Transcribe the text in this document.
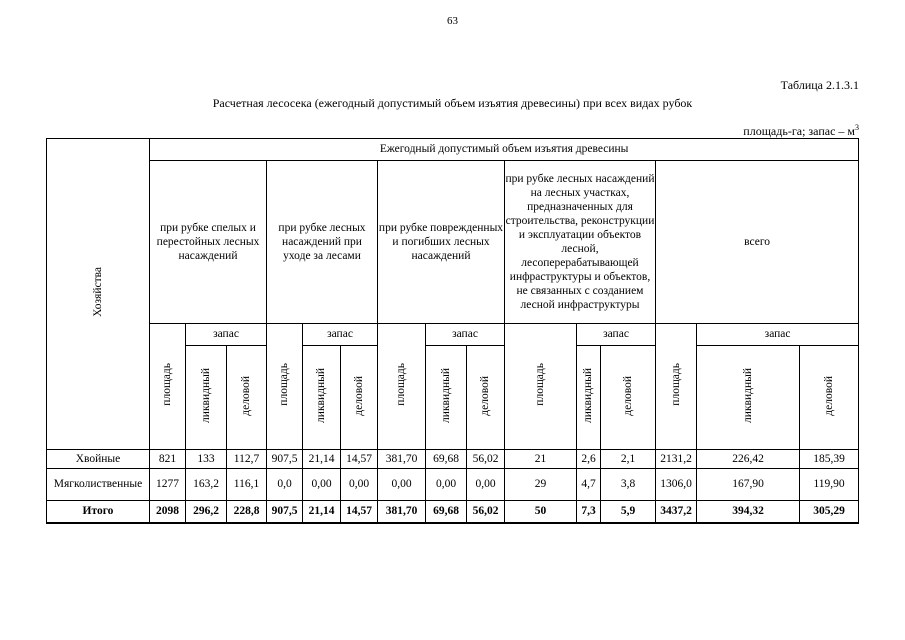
63
Таблица 2.1.3.1
Расчетная лесосека (ежегодный допустимый объем изъятия древесины) при всех видах рубок
площадь-га; запас – $м^3$
Хозяйства	Ежегодный допустимый объем изъятия древесины														
	при рубке спелых и перестойных лесных насаждений			при рубке лесных насаждений при уходе за лесами			при рубке поврежденных и погибших лесных насаждений			при рубке лесных насаждений на лесных участках, предназначенных для строительства, реконструкции и эксплуатации объектов лесной, лесоперерабатывающей инфраструктуры и объектов, не связанных с созданием лесной инфраструктуры			всего		
	площадь	запас		площадь	запас		площадь	запас		площадь	запас		площадь	запас	
		ликвидный	деловой		ликвидный	деловой		ликвидный	деловой		ликвидный	деловой		ликвидный	деловой
Хвойные	821	133	112,7	907,5	21,14	14,57	381,70	69,68	56,02	21	2,6	2,1	2131,2	226,42	185,39
Мягколиственные	1277	163,2	116,1	0,0	0,00	0,00	0,00	0,00	0,00	29	4,7	3,8	1306,0	167,90	119,90
Итого	2098	296,2	228,8	907,5	21,14	14,57	381,70	69,68	56,02	50	7,3	5,9	3437,2	394,32	305,29
